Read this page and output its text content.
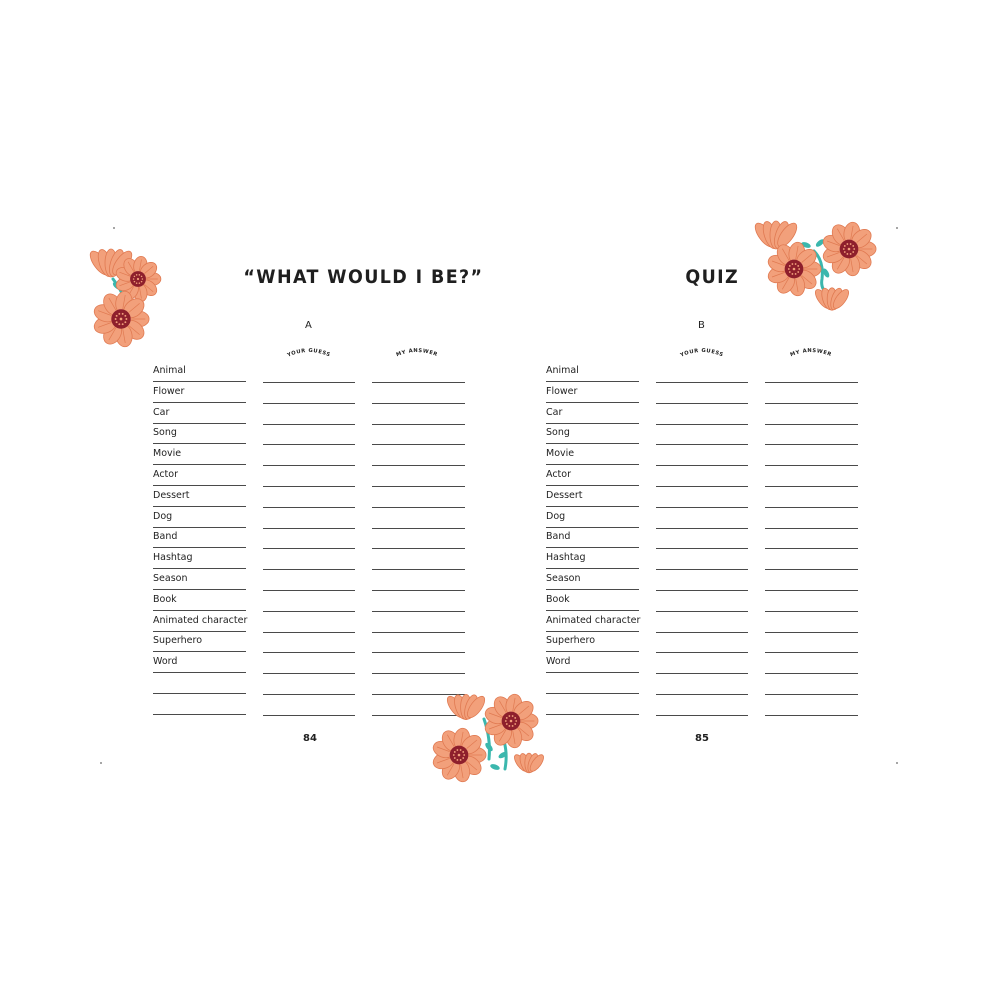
“WHAT WOULD I BE?”
A
YOUR GUESS	MY ANSWER
Animal
Flower
Car
Song
Movie
Actor
Dessert
Dog
Band
Hashtag
Season
Book
Animated character
Superhero
Word
84
QUIZ
B
YOUR GUESS	MY ANSWER
Animal
Flower
Car
Song
Movie
Actor
Dessert
Dog
Band
Hashtag
Season
Book
Animated character
Superhero
Word
85
